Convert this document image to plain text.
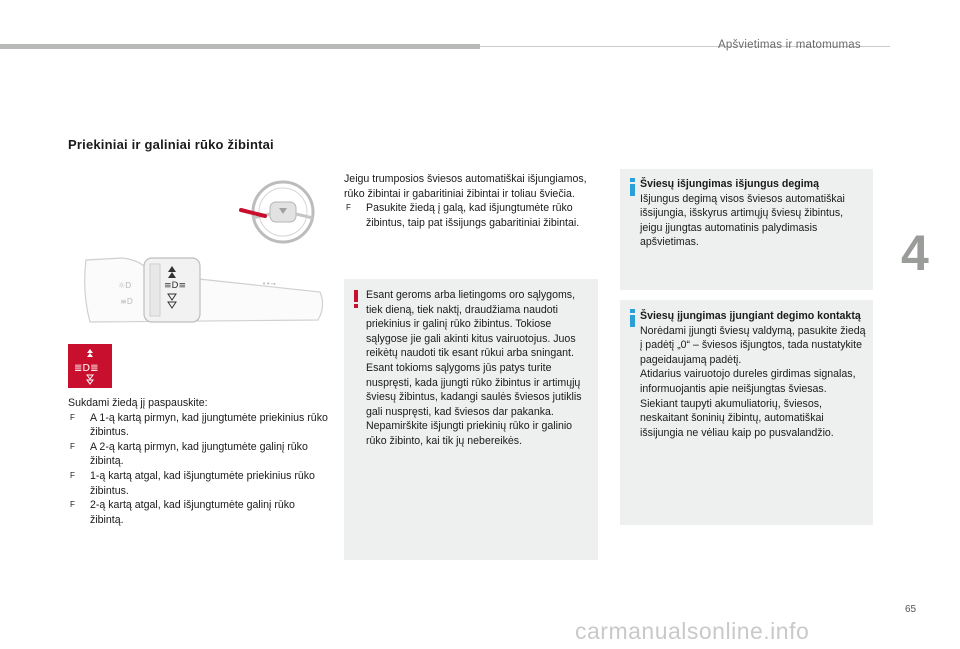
Apšvietimas ir matomumas
4
Priekiniai ir galiniai rūko žibintai
≡D≡
☼D
≡D
••➞
≣D≣

Sukdami žiedą jį paspauskite:

F A 1-ą kartą pirmyn, kad įjungtumėte priekinius rūko žibintus.
F A 2-ą kartą pirmyn, kad įjungtumėte galinį rūko žibintą.
F 1-ą kartą atgal, kad išjungtumėte priekinius rūko žibintus.
F 2-ą kartą atgal, kad išjungtumėte galinį rūko žibintą.

Jeigu trumposios šviesos automatiškai išjungiamos, rūko žibintai ir gabaritiniai žibintai ir toliau šviečia.

F Pasukite žiedą į galą, kad išjungtumėte rūko žibintus, taip pat išsijungs gabaritiniai žibintai.

Esant geroms arba lietingoms oro sąlygoms, tiek dieną, tiek naktį, draudžiama naudoti priekinius ir galinį rūko žibintus. Tokiose sąlygose jie gali akinti kitus vairuotojus. Juos reikėtų naudoti tik esant rūkui arba sningant.

Esant tokioms sąlygoms jūs patys turite nuspręsti, kada įjungti rūko žibintus ir artimųjų šviesų žibintus, kadangi saulės šviesos jutiklis gali nuspręsti, kad šviesos dar pakanka.

Nepamirškite išjungti priekinių rūko ir galinio rūko žibinto, kai tik jų nebereikės.

Šviesų išjungimas išjungus degimą

Išjungus degimą visos šviesos automatiškai išsijungia, išskyrus artimųjų šviesų žibintus, jeigu įjungtas automatinis palydimasis apšvietimas.

Šviesų įjungimas įjungiant degimo kontaktą

Norėdami įjungti šviesų valdymą, pasukite žiedą į padėtį „0“ – šviesos išjungtos, tada nustatykite pageidaujamą padėtį.

Atidarius vairuotojo dureles girdimas signalas, informuojantis apie neišjungtas šviesas.

Siekiant taupyti akumuliatorių, šviesos, neskaitant šoninių žibintų, automatiškai išsijungia ne vėliau kaip po pusvalandžio.

65
carmanualsonline.info
